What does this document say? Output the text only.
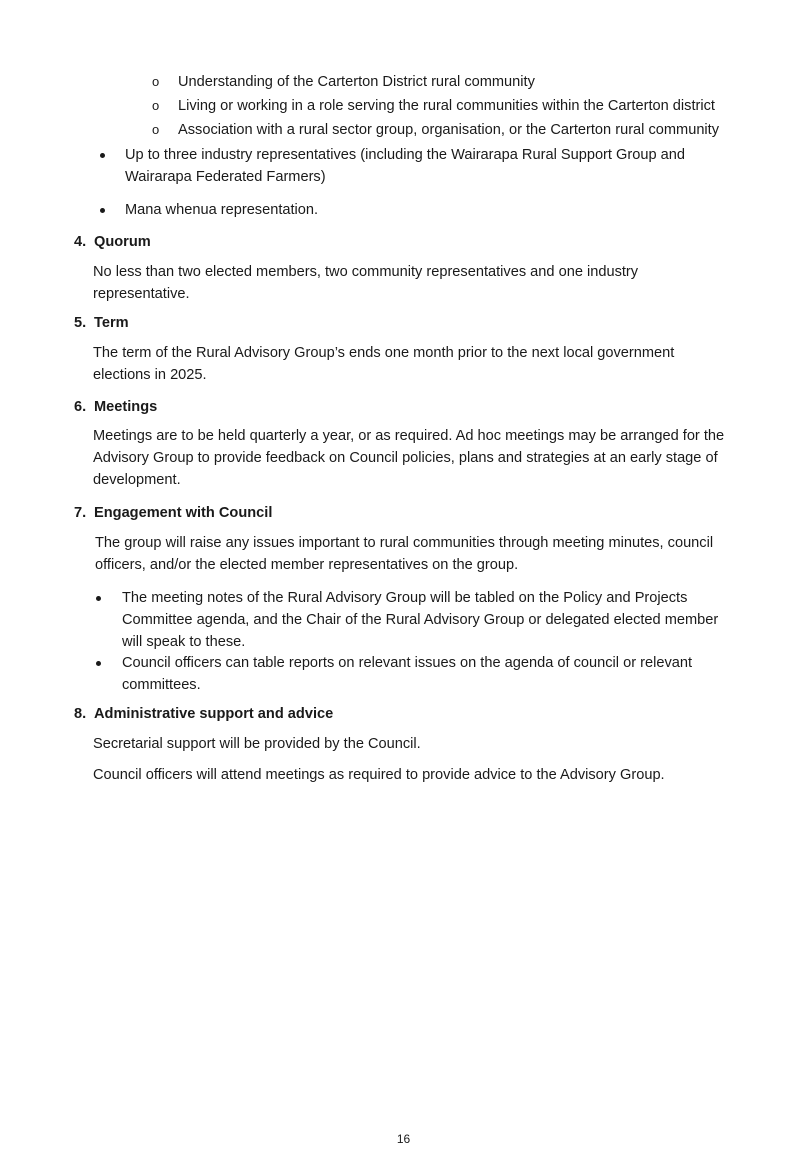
o	Understanding of the Carterton District rural community
o	Living or working in a role serving the rural communities within the Carterton district
o	Association with a rural sector group, organisation, or the Carterton rural community
Up to three industry representatives (including the Wairarapa Rural Support Group and Wairarapa Federated Farmers)
Mana whenua representation.
4. Quorum
No less than two elected members, two community representatives and one industry representative.
5. Term
The term of the Rural Advisory Group’s ends one month prior to the next local government elections in 2025.
6. Meetings
Meetings are to be held quarterly a year, or as required. Ad hoc meetings may be arranged for the Advisory Group to provide feedback on Council policies, plans and strategies at an early stage of development.
7. Engagement with Council
The group will raise any issues important to rural communities through meeting minutes, council officers, and/or the elected member representatives on the group.
The meeting notes of the Rural Advisory Group will be tabled on the Policy and Projects Committee agenda, and the Chair of the Rural Advisory Group or delegated elected member will speak to these.
Council officers can table reports on relevant issues on the agenda of council or relevant committees.
8. Administrative support and advice
Secretarial support will be provided by the Council.
Council officers will attend meetings as required to provide advice to the Advisory Group.
16
